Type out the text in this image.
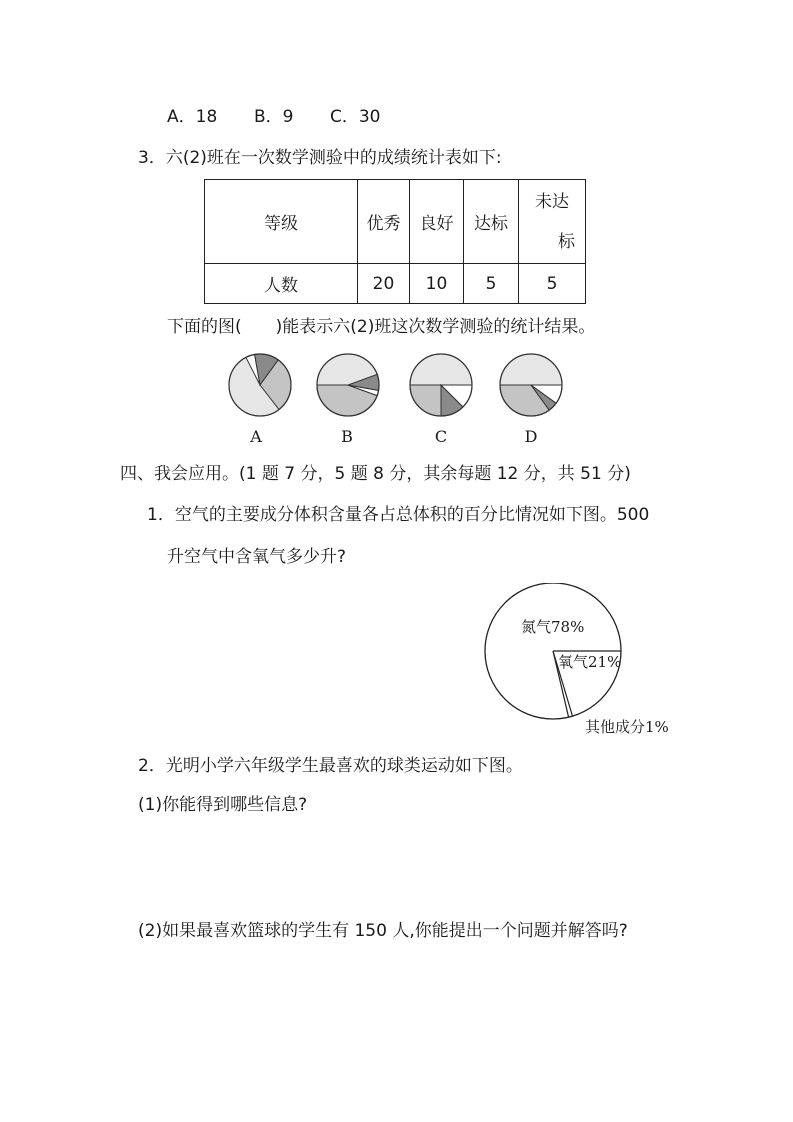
A．18 B．9 C．30
3．六(2)班在一次数学测验中的成绩统计表如下:
等级	优秀	良好	达标	未达
标

人数	20	10	5	5
下面的图(　　)能表示六(2)班这次数学测验的统计结果。
A	B	C	D
四、我会应用。(1 题 7 分，5 题 8 分，其余每题 12 分，共 51 分)
1．空气的主要成分体积含量各占总体积的百分比情况如下图。500
升空气中含氧气多少升?
氮气78%
氧气21%
其他成分1%
2．光明小学六年级学生最喜欢的球类运动如下图。
(1)你能得到哪些信息?
(2)如果最喜欢篮球的学生有 150 人,你能提出一个问题并解答吗?
